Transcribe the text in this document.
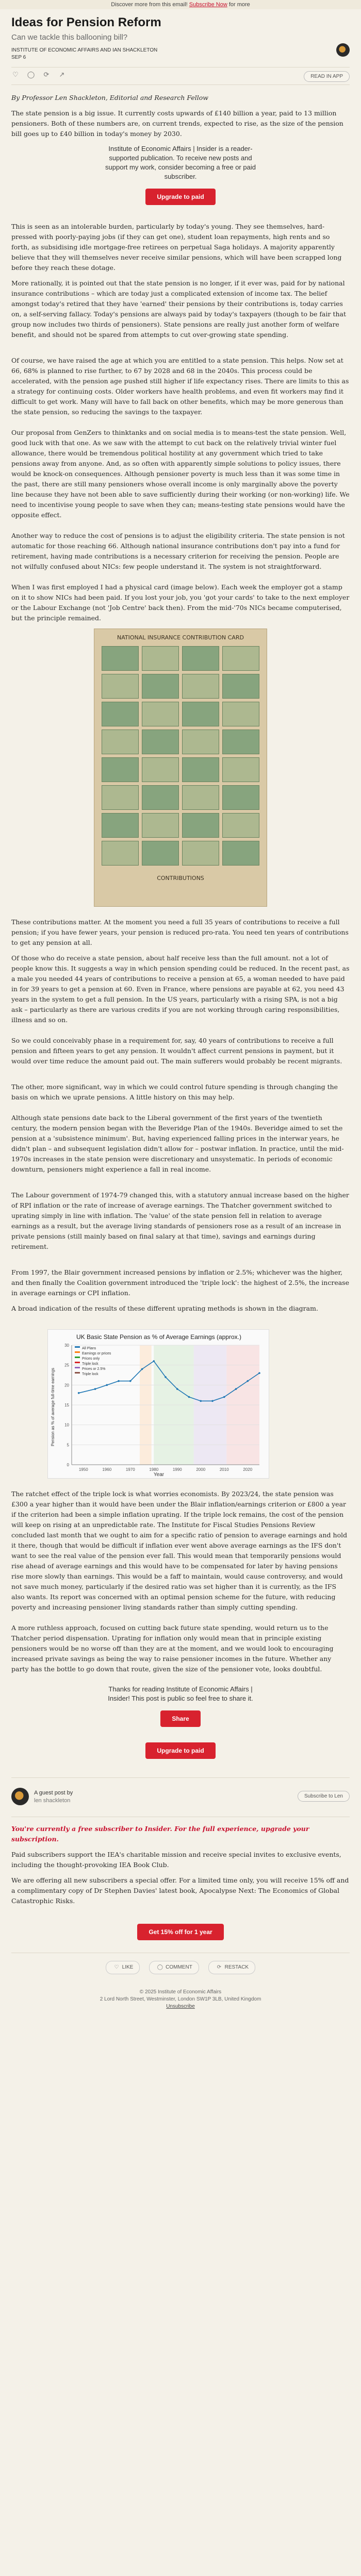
Discover more from this email! Subscribe Now for more
Ideas for Pension Reform
Can we tackle this ballooning bill?
INSTITUTE OF ECONOMIC AFFAIRS AND IAN SHACKLETON
SEP 6
♡ ◯ ⟳ ↗	READ IN APP
By Professor Len Shackleton, Editorial and Research Fellow
The state pension is a big issue. It currently costs upwards of £140 billion a year, paid to 13 million pensioners. Both of these numbers are, on current trends, expected to rise, as the size of the pension bill goes up to £40 billion in today's money by 2030.
Institute of Economic Affairs | Insider is a reader-supported publication. To receive new posts and support my work, consider becoming a free or paid subscriber.
Upgrade to paid
This is seen as an intolerable burden, particularly by today's young. They see themselves, hard-pressed with poorly-paying jobs (if they can get one), student loan repayments, high rents and so forth, as subsidising idle mortgage-free retirees on perpetual Saga holidays. A majority apparently believe that they will themselves never receive similar pensions, which will have been scrapped long before they reach these dotage.
More rationally, it is pointed out that the state pension is no longer, if it ever was, paid for by national insurance contributions – which are today just a complicated extension of income tax. The belief amongst today's retired that they have 'earned' their pensions by their contributions is, today carries on, a self-serving fallacy. Today's pensions are always paid by today's taxpayers (though to be fair that group now includes two thirds of pensioners). State pensions are really just another form of welfare benefit, and should not be spared from attempts to cut over-growing state spending.
Of course, we have raised the age at which you are entitled to a state pension. This helps. Now set at 66, 68% is planned to rise further, to 67 by 2028 and 68 in the 2040s. This process could be accelerated, with the pension age pushed still higher if life expectancy rises. There are limits to this as a strategy for continuing costs. Older workers have health problems, and even fit workers may find it difficult to get work. Many will have to fall back on other benefits, which may be more generous than the state pension, so reducing the savings to the taxpayer.
Our proposal from GenZers to thinktanks and on social media is to means-test the state pension. Well, good luck with that one. As we saw with the attempt to cut back on the relatively trivial winter fuel allowance, there would be tremendous political hostility at any government which tried to take pensions away from anyone. And, as so often with apparently simple solutions to policy issues, there would be knock-on consequences. Although pensioner poverty is much less than it was some time in the past, there are still many pensioners whose overall income is only marginally above the poverty line because they have not been able to save sufficiently during their working (or non-working) life. We need to incentivise young people to save when they can; means-testing state pensions would have the opposite effect.
Another way to reduce the cost of pensions is to adjust the eligibility criteria. The state pension is not automatic for those reaching 66. Although national insurance contributions don't pay into a fund for retirement, having made contributions is a necessary criterion for receiving the pension. People are not wilfully confused about NICs: few people understand it. The system is not straightforward.
When I was first employed I had a physical card (image below). Each week the employer got a stamp on it to show NICs had been paid. If you lost your job, you 'got your cards' to take to the next employer or the Labour Exchange (not 'Job Centre' back then). From the mid-'70s NICs became computerised, but the principle remained.
NATIONAL INSURANCE CONTRIBUTION CARD
CONTRIBUTIONS
These contributions matter. At the moment you need a full 35 years of contributions to receive a full pension; if you have fewer years, your pension is reduced pro-rata. You need ten years of contributions to get any pension at all.
Of those who do receive a state pension, about half receive less than the full amount. not a lot of people know this. It suggests a way in which pension spending could be reduced. In the recent past, as a male you needed 44 years of contributions to receive a pension at 65, a woman needed to have paid in for 39 years to get a pension at 60. Even in France, where pensions are payable at 62, you need 43 years in the system to get a full pension. In the US years, particularly with a rising SPA, is not a big ask – particularly as there are various credits if you are not working through caring responsibilities, illness and so on.
So we could conceivably phase in a requirement for, say, 40 years of contributions to receive a full pension and fifteen years to get any pension. It wouldn't affect current pensions in payment, but it would over time reduce the amount paid out. The main sufferers would probably be recent migrants.
The other, more significant, way in which we could control future spending is through changing the basis on which we uprate pensions. A little history on this may help.
Although state pensions date back to the Liberal government of the first years of the twentieth century, the modern pension began with the Beveridge Plan of the 1940s. Beveridge aimed to set the pension at a 'subsistence minimum'. But, having experienced falling prices in the interwar years, he didn't plan – and subsequent legislation didn't allow for – postwar inflation. In practice, until the mid-1970s increases in the state pension were discretionary and unsystematic. In periods of economic downturn, pensioners might experience a fall in real income.
The Labour government of 1974-79 changed this, with a statutory annual increase based on the higher of RPI inflation or the rate of increase of average earnings. The Thatcher government switched to uprating simply in line with inflation. The 'value' of the state pension fell in relation to average earnings as a result, but the average living standards of pensioners rose as a result of an increase in private pensions (still mainly based on final salary at that time), savings and earnings during retirement.
From 1997, the Blair government increased pensions by inflation or 2.5%; whichever was the higher, and then finally the Coalition government introduced the 'triple lock': the highest of 2.5%, the increase in average earnings or CPI inflation.
A broad indication of the results of these different uprating methods is shown in the diagram.
UK Basic State Pension as % of Average Earnings (approx.)
0
5
10
15
20
25
30
1950	1960	1970	1980	1990	2000	2010	2020
All Plans
Earnings or prices
Prices only
Triple lock
Prices or 2.5%
Triple lock
Year
Pension as % of average full-time earnings
The ratchet effect of the triple lock is what worries economists. By 2023/24, the state pension was £300 a year higher than it would have been under the Blair inflation/earnings criterion or £800 a year if the criterion had been a simple inflation uprating. If the triple lock remains, the cost of the pension will keep on rising at an unpredictable rate. The Institute for Fiscal Studies Pensions Review concluded last month that we ought to aim for a specific ratio of pension to average earnings and hold it there, though that would be difficult if inflation ever went above average earnings as the IFS don't want to see the real value of the pension ever fall. This would mean that temporarily pensions would rise ahead of average earnings and this would have to be compensated for later by having pensions rise more slowly than earnings. This would be a faff to maintain, would cause controversy, and would not save much money, particularly if the desired ratio was set higher than it is currently, as the IFS also wants. Its report was concerned with an optimal pension scheme for the future, with reducing poverty and increasing pensioner living standards rather than simply cutting spending.
A more ruthless approach, focused on cutting back future state spending, would return us to the Thatcher period dispensation. Uprating for inflation only would mean that in principle existing pensioners would be no worse off than they are at the moment, and we would look to encouraging increased private savings as being the way to raise pensioner incomes in the future. Whether any party has the bottle to go down that route, given the size of the pensioner vote, looks doubtful.
Thanks for reading Institute of Economic Affairs | Insider! This post is public so feel free to share it.
Share
Upgrade to paid
A guest post by
len shackleton
Subscribe to Len
You're currently a free subscriber to Insider. For the full experience, upgrade your subscription.
Paid subscribers support the IEA's charitable mission and receive special invites to exclusive events, including the thought-provoking IEA Book Club.
We are offering all new subscribers a special offer. For a limited time only, you will receive 15% off and a complimentary copy of Dr Stephen Davies' latest book, Apocalypse Next: The Economics of Global Catastrophic Risks.
Get 15% off for 1 year
♡ LIKE	◯ COMMENT	⟳ RESTACK
© 2025 Institute of Economic Affairs
2 Lord North Street, Westminster, London SW1P 3LB, United Kingdom
Unsubscribe
